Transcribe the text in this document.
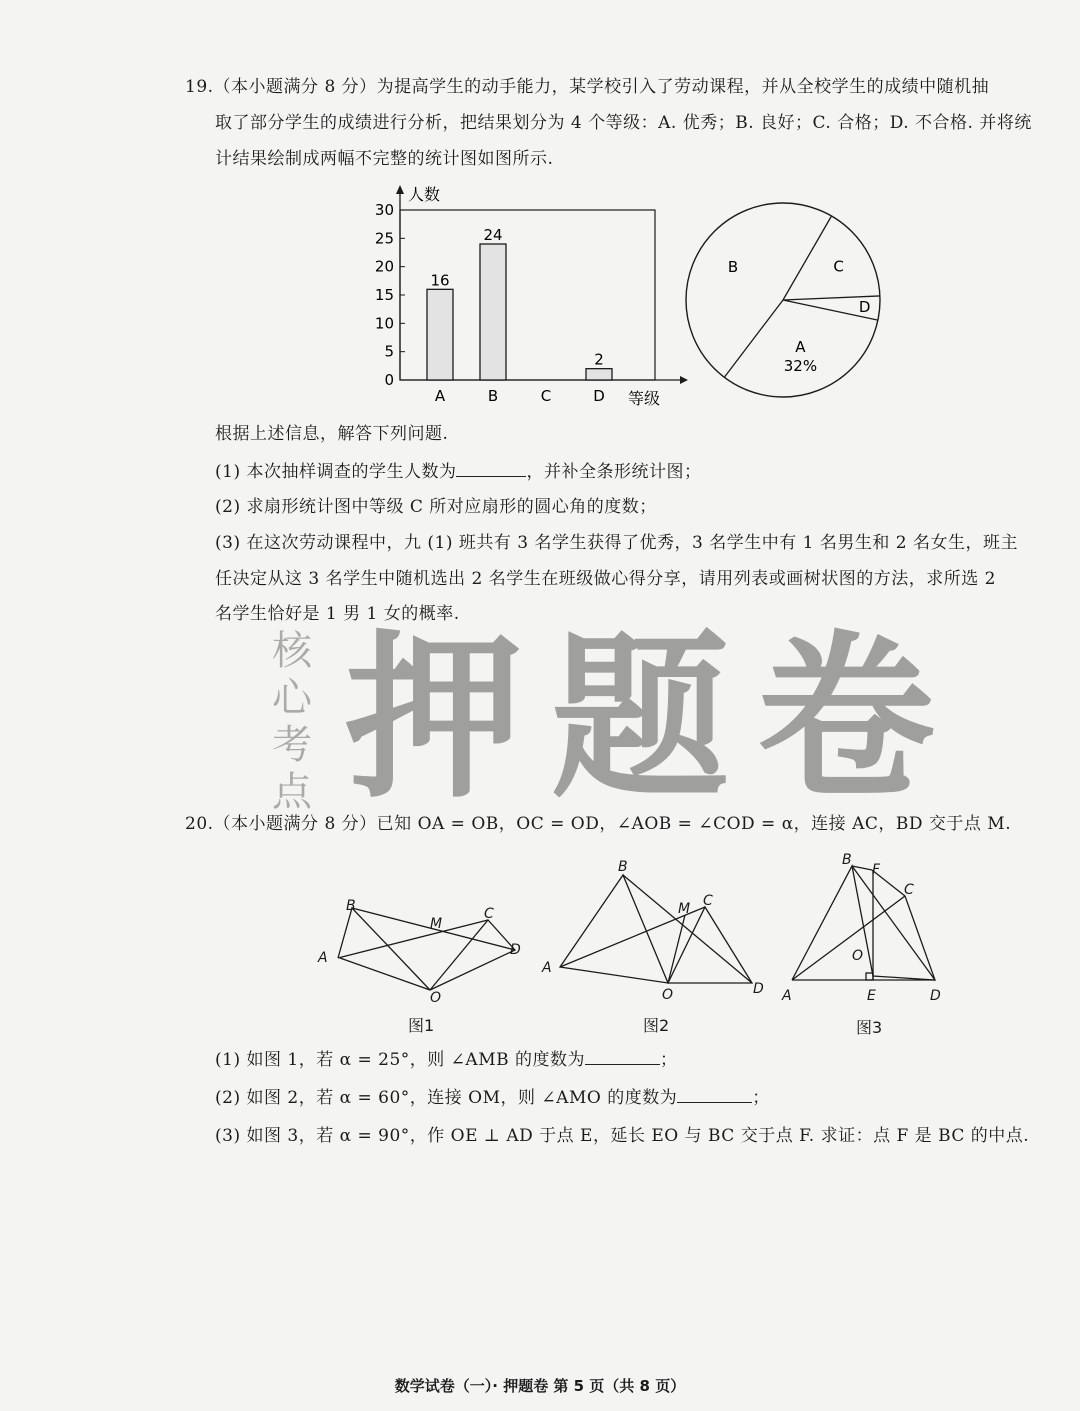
19.（本小题满分 8 分）为提高学生的动手能力，某学校引入了劳动课程，并从全校学生的成绩中随机抽
取了部分学生的成绩进行分析，把结果划分为 4 个等级：A. 优秀；B. 良好；C. 合格；D. 不合格. 并将统
计结果绘制成两幅不完整的统计图如图所示.
人数
等级
0
5
10
15
20
25
30
A
16
B
24
C	D
2
A
32%
B	C
D
根据上述信息，解答下列问题.
(1) 本次抽样调查的学生人数为	，并补全条形统计图；
(2) 求扇形统计图中等级 C 所对应扇形的圆心角的度数；
(3) 在这次劳动课程中，九 (1) 班共有 3 名学生获得了优秀，3 名学生中有 1 名男生和 2 名女生，班主
任决定从这 3 名学生中随机选出 2 名学生在班级做心得分享，请用列表或画树状图的方法，求所选 2
名学生恰好是 1 男 1 女的概率.
押题卷
核心考点
20.（本小题满分 8 分）已知 OA = OB，OC = OD，∠AOB = ∠COD = α，连接 AC，BD 交于点 M.
A
B	C
D
M
O
图1
A
B
C
D
M
O
图2
A
B
C
D
E
F
O
图3
(1) 如图 1，若 α = 25°，则 ∠AMB 的度数为	；
(2) 如图 2，若 α = 60°，连接 OM，则 ∠AMO 的度数为	；
(3) 如图 3，若 α = 90°，作 OE ⊥ AD 于点 E，延长 EO 与 BC 交于点 F. 求证：点 F 是 BC 的中点.
数学试卷（一）· 押题卷 第 5 页（共 8 页）
